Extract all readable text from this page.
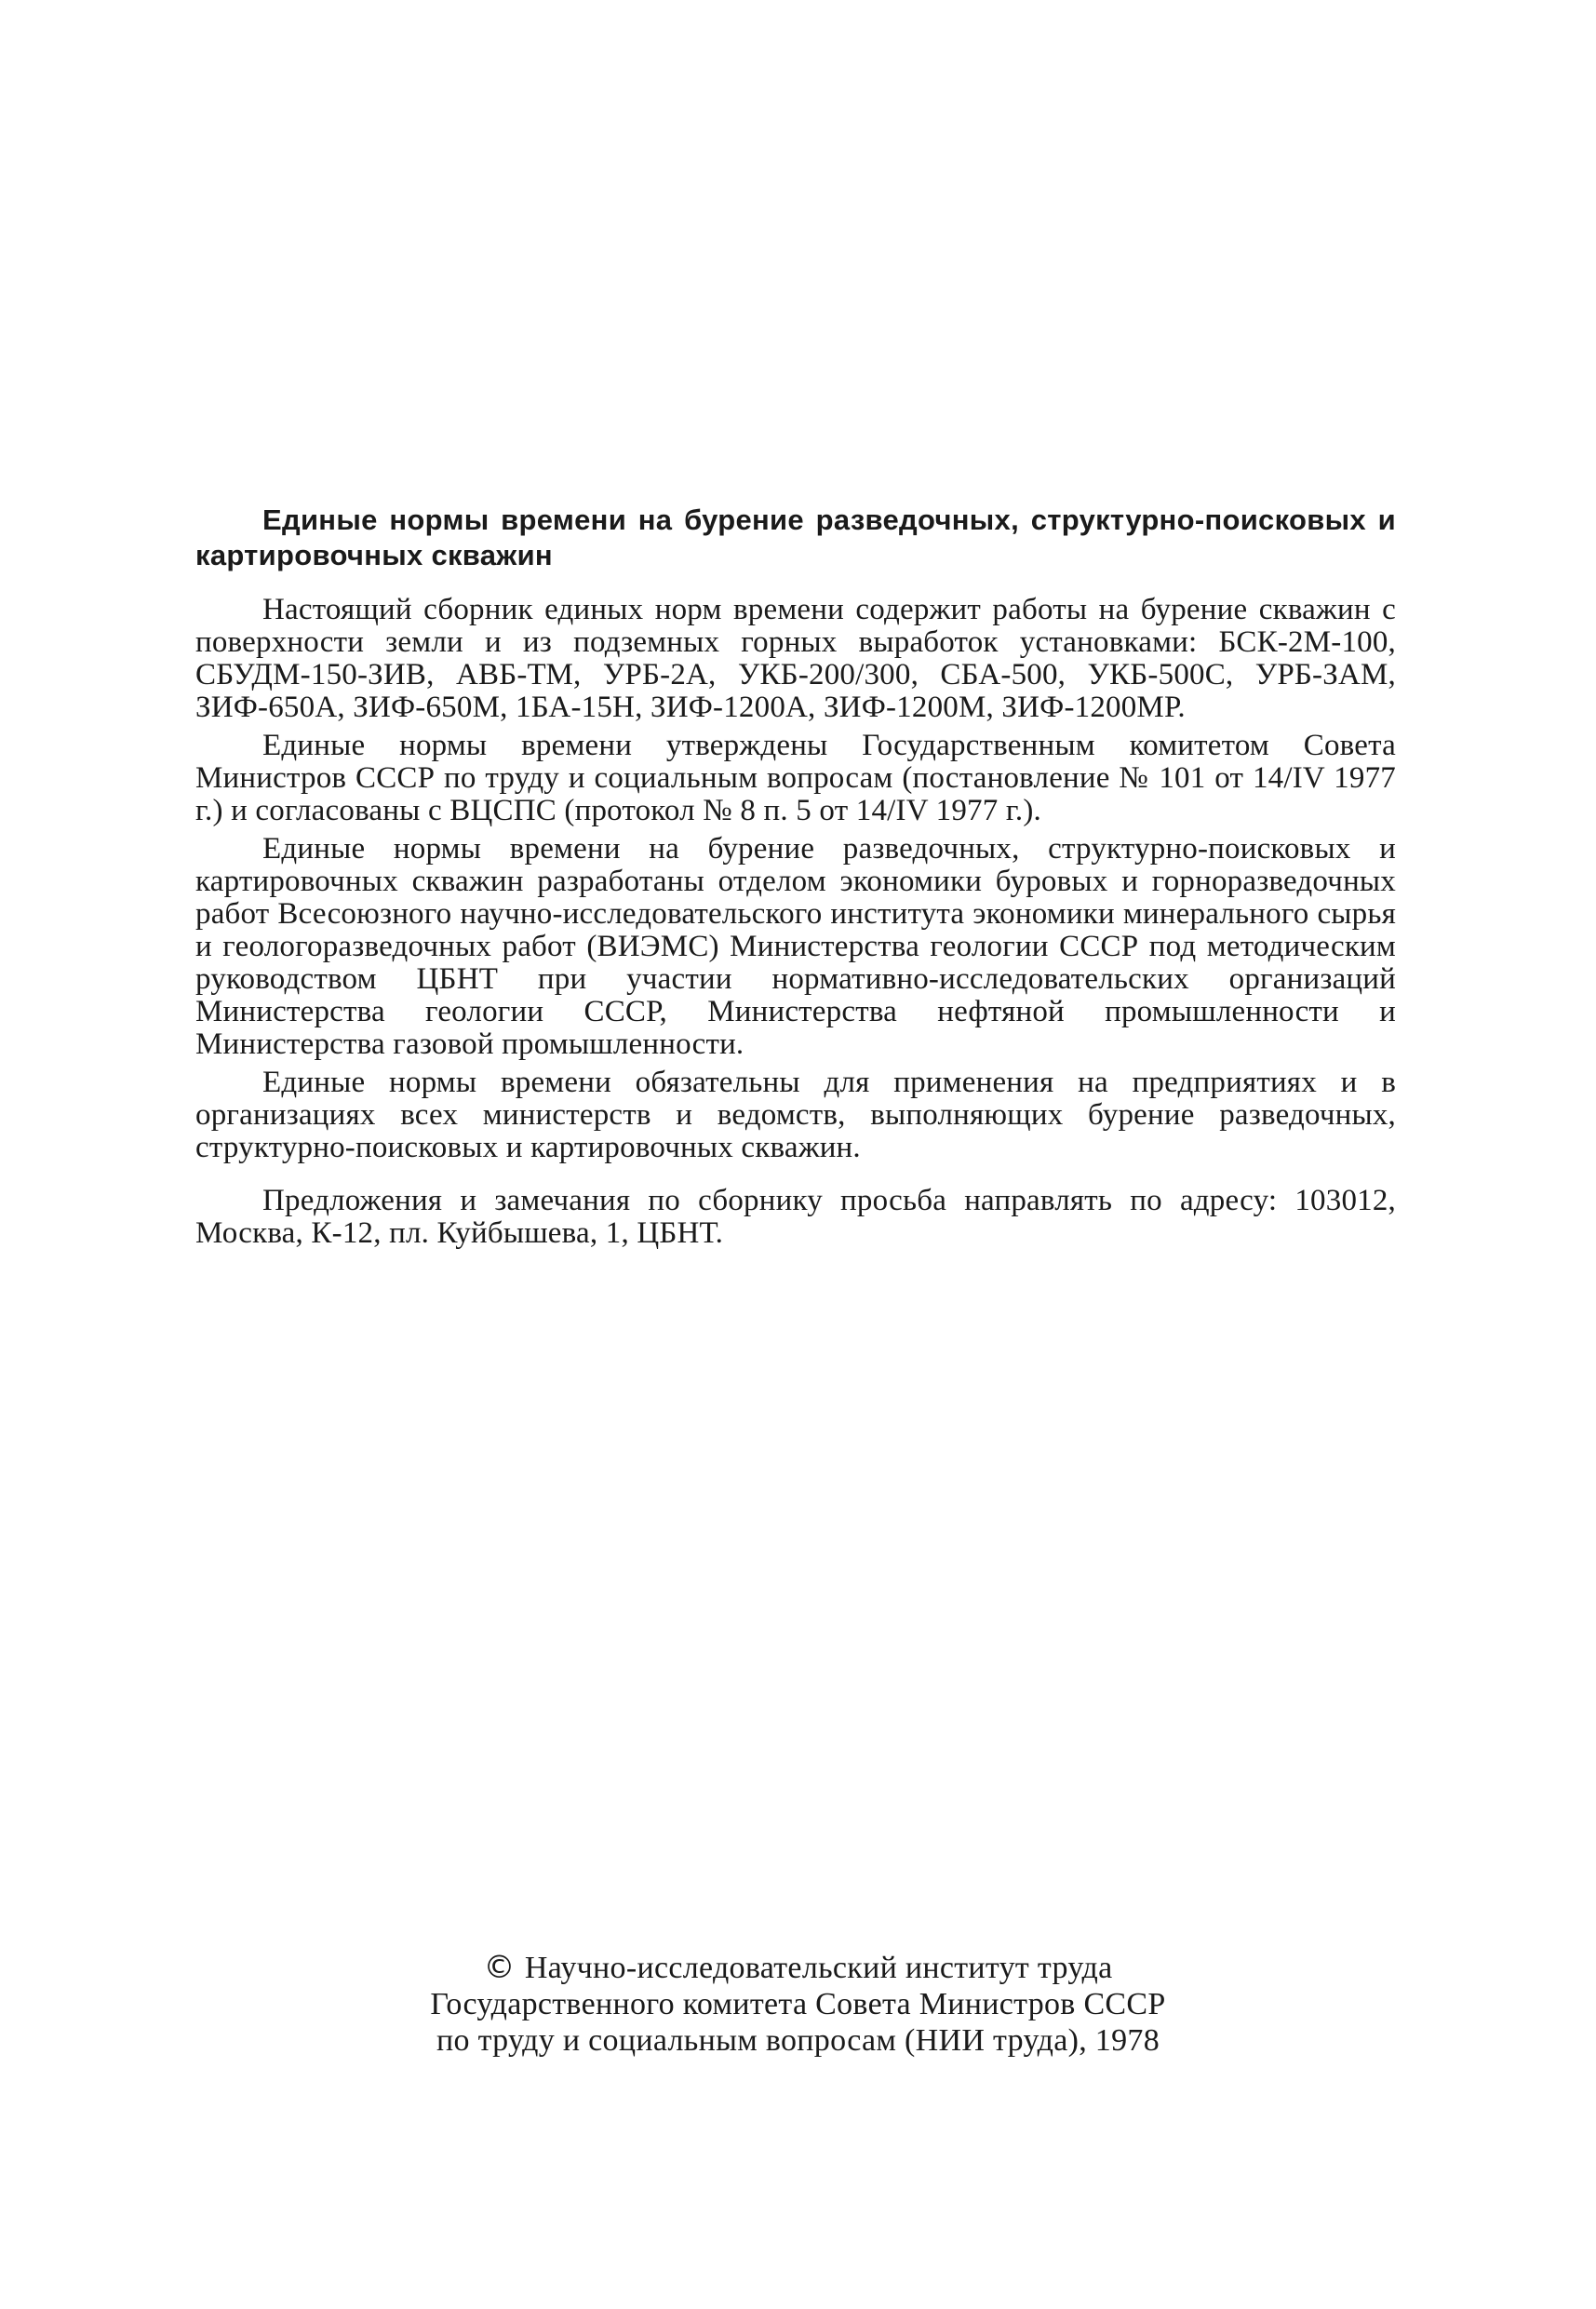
Единые нормы времени на бурение разведочных, структурно-поисковых и картировочных скважин

Настоящий сборник единых норм времени содержит работы на бурение скважин с поверхности земли и из подземных горных выработок установками: БСК-2М-100, СБУДМ-150-ЗИВ, АВБ-ТМ, УРБ-2А, УКБ-200/300, СБА-500, УКБ-500С, УРБ-ЗАМ, ЗИФ-650А, ЗИФ-650М, 1БА-15Н, ЗИФ-1200А, ЗИФ-1200М, ЗИФ-1200МР.

Единые нормы времени утверждены Государственным комитетом Совета Министров СССР по труду и социальным вопросам (постановление № 101 от 14/IV 1977 г.) и согласованы с ВЦСПС (протокол № 8 п. 5 от 14/IV 1977 г.).

Единые нормы времени на бурение разведочных, структурно-поисковых и картировочных скважин разработаны отделом экономики буровых и горноразведочных работ Всесоюзного научно-исследовательского института экономики минерального сырья и геологоразведочных работ (ВИЭМС) Министерства геологии СССР под методическим руководством ЦБНТ при участии нормативно-исследовательских организаций Министерства геологии СССР, Министерства нефтяной промышленности и Министерства газовой промышленности.

Единые нормы времени обязательны для применения на предприятиях и в организациях всех министерств и ведомств, выполняющих бурение разведочных, структурно-поисковых и картировочных скважин.

Предложения и замечания по сборнику просьба направлять по адресу: 103012, Москва, К-12, пл. Куйбышева, 1, ЦБНТ.

© Научно-исследовательский институт труда
Государственного комитета Совета Министров СССР
по труду и социальным вопросам (НИИ труда), 1978
